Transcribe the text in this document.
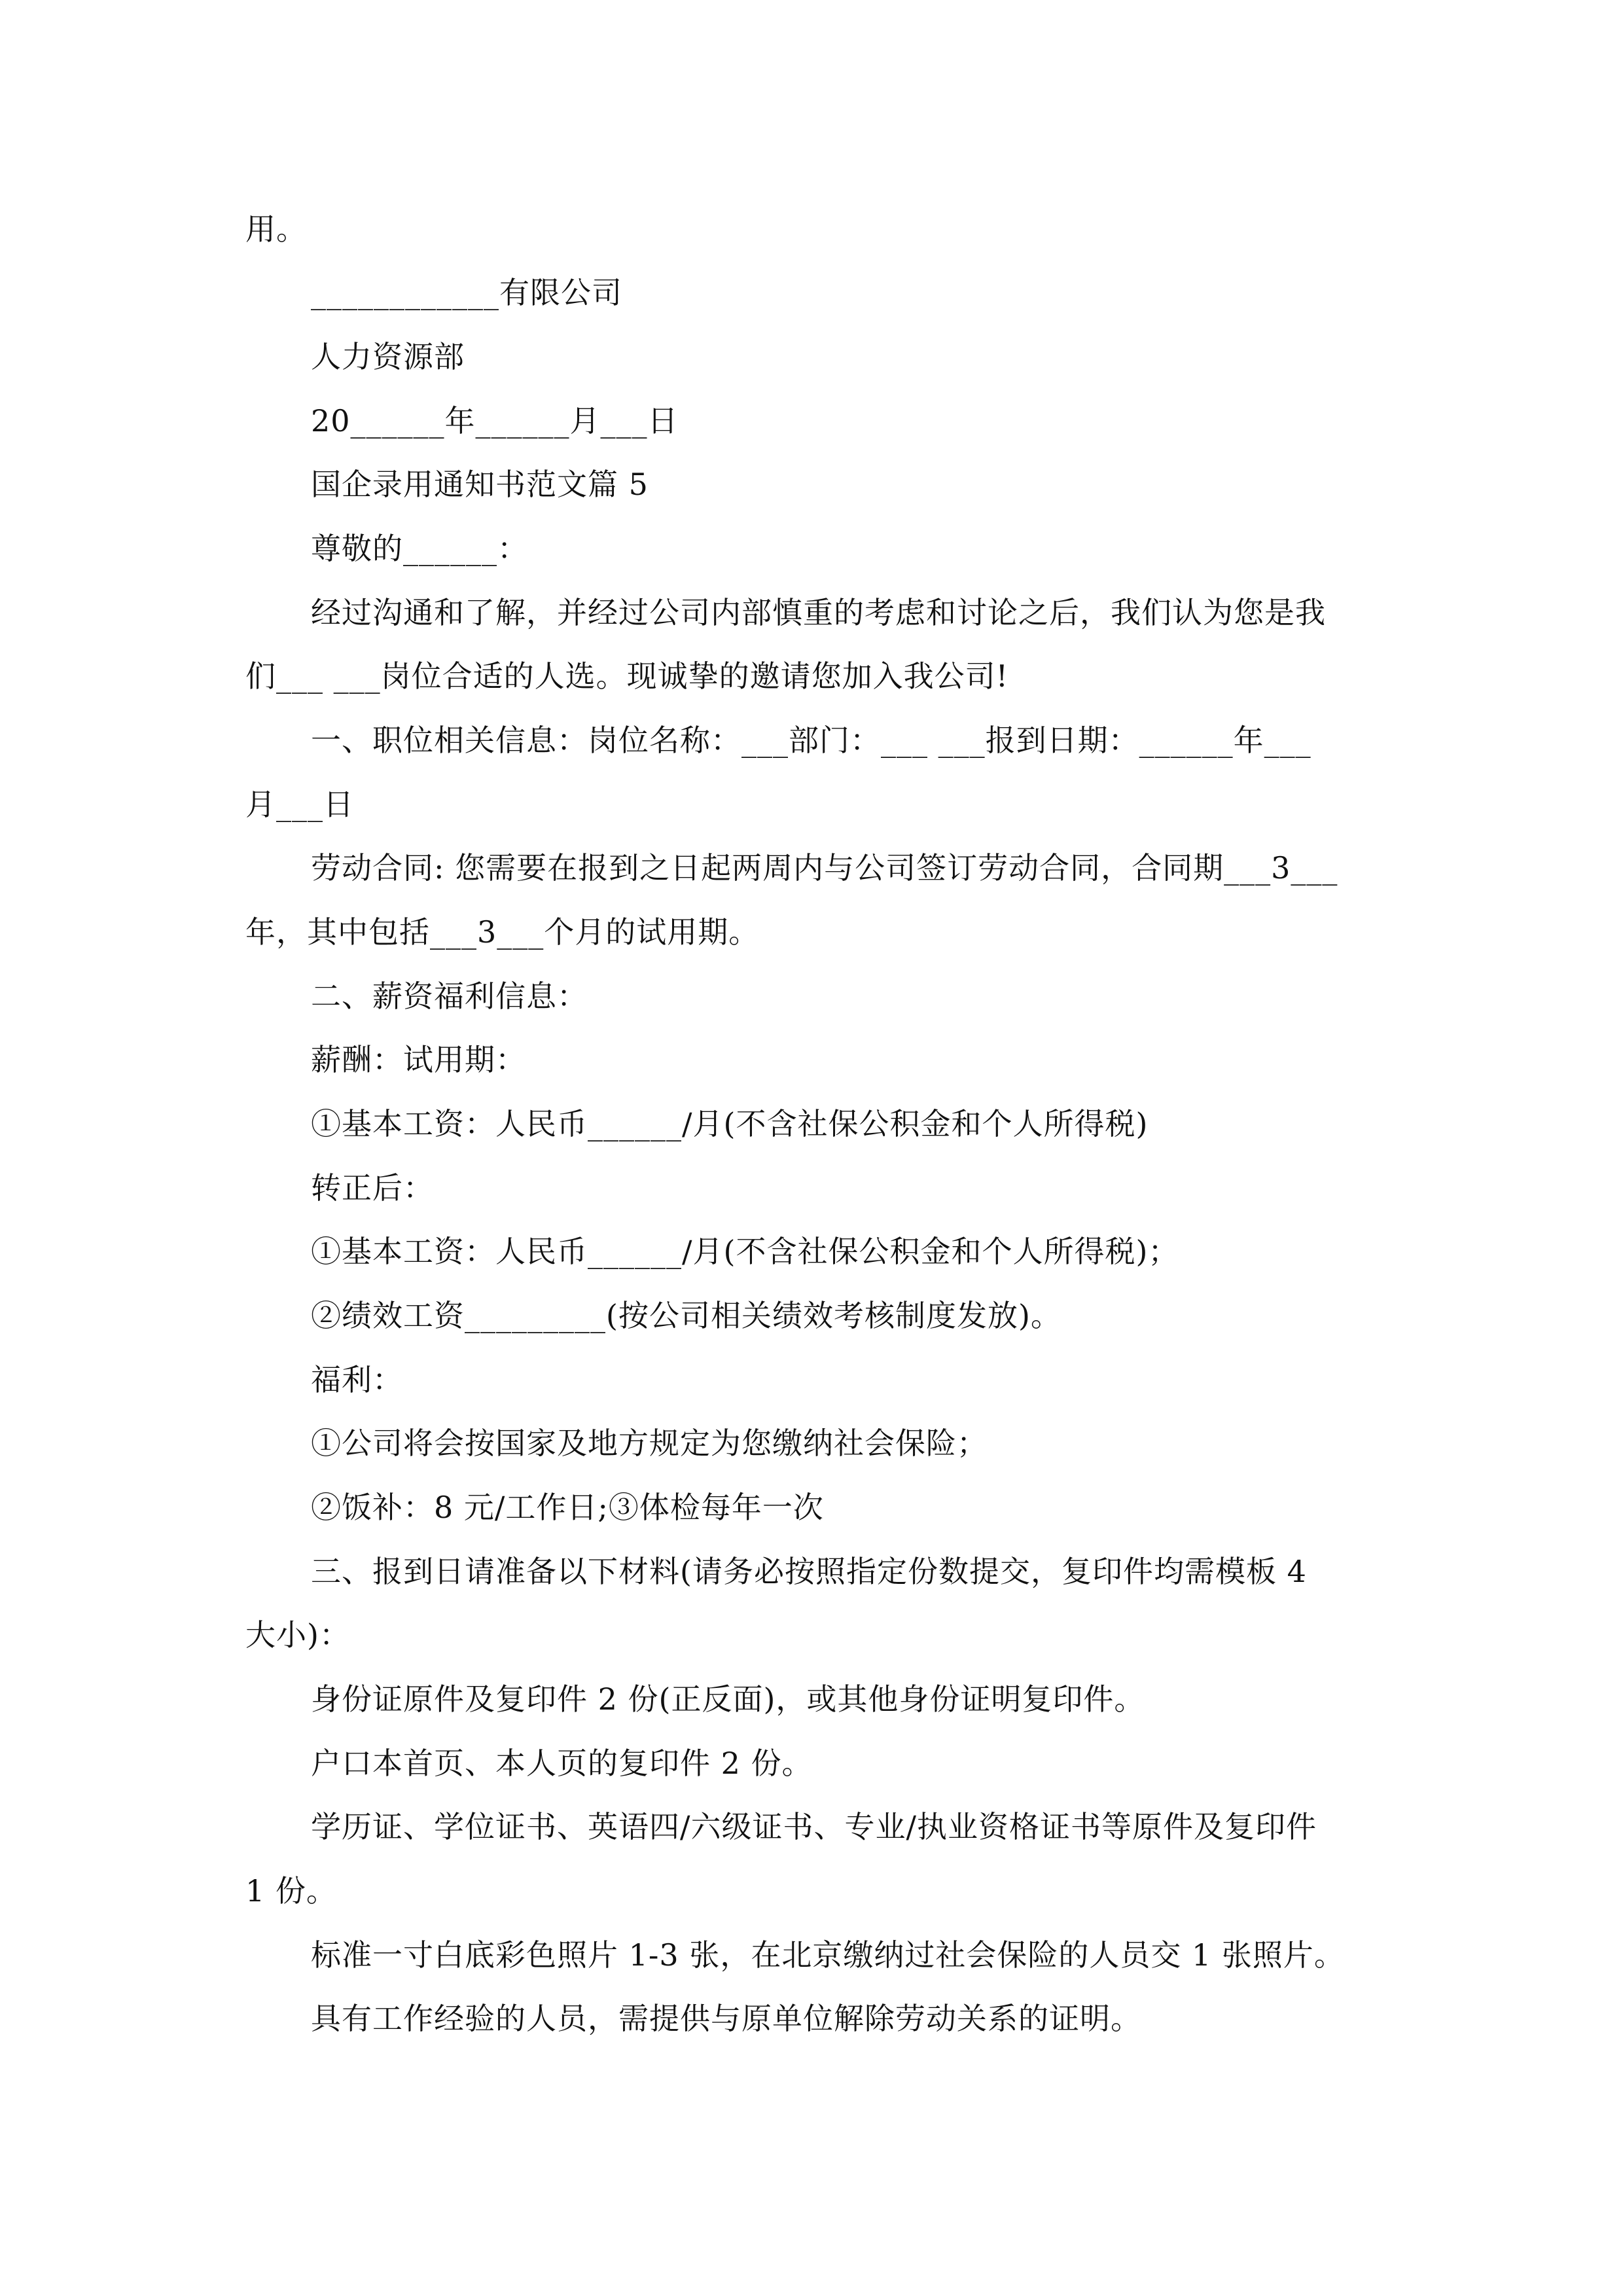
用。
____________有限公司
人力资源部
20______年______月___日
国企录用通知书范文篇 5
尊敬的______：
经过沟通和了解，并经过公司内部慎重的考虑和讨论之后，我们认为您是我
们___ ___岗位合适的人选。现诚挚的邀请您加入我公司!
一、职位相关信息：岗位名称：___部门：___ ___报到日期：______年___
月___日
劳动合同: 您需要在报到之日起两周内与公司签订劳动合同，合同期___3___
年，其中包括___3___个月的试用期。
二、薪资福利信息：
薪酬：试用期：
①基本工资：人民币______/月(不含社保公积金和个人所得税)
转正后：
①基本工资：人民币______/月(不含社保公积金和个人所得税)；
②绩效工资_________(按公司相关绩效考核制度发放)。
福利：
①公司将会按国家及地方规定为您缴纳社会保险；
②饭补：8 元/工作日;③体检每年一次
三、报到日请准备以下材料(请务必按照指定份数提交，复印件均需模板 4
大小)：
身份证原件及复印件 2 份(正反面)，或其他身份证明复印件。
户口本首页、本人页的复印件 2 份。
学历证、学位证书、英语四/六级证书、专业/执业资格证书等原件及复印件
1 份。
标准一寸白底彩色照片 1-3 张，在北京缴纳过社会保险的人员交 1 张照片。
具有工作经验的人员，需提供与原单位解除劳动关系的证明。
